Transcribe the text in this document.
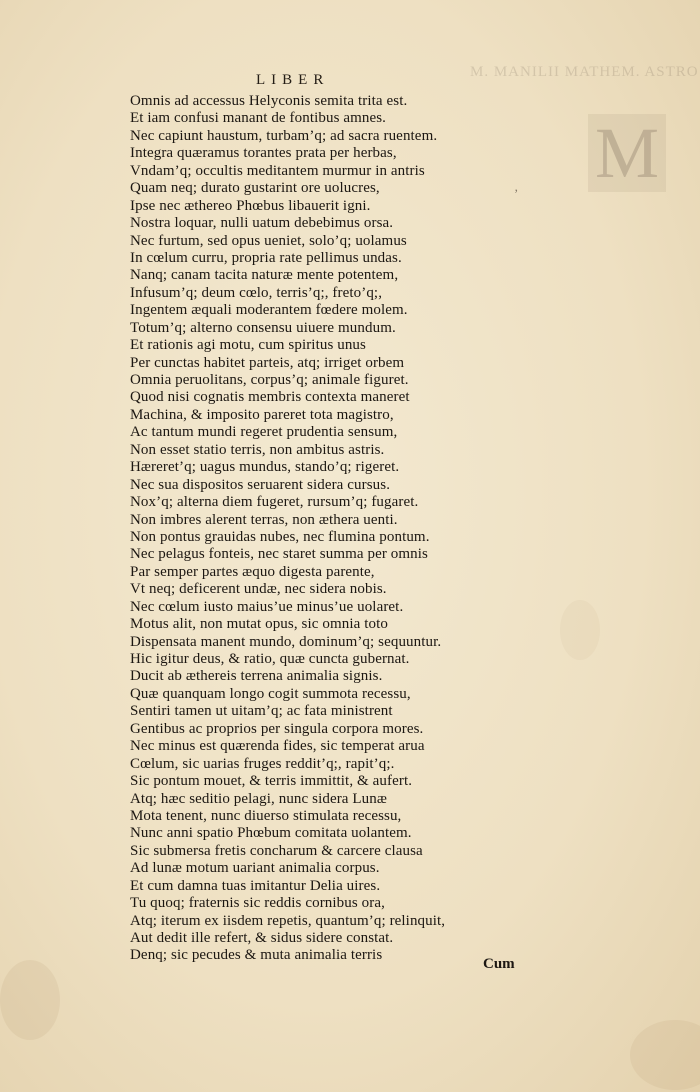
M. MANILII MATHEM. ASTRO
M
LIBER
Omnis ad accessus Helyconis semita trita est.
Et iam confusi manant de fontibus amnes.
Nec capiunt haustum, turbam’q; ad sacra ruentem.
Integra quæramus torantes prata per herbas,
Vndam’q; occultis meditantem murmur in antris
Quam neq; durato gustarint ore uolucres,
Ipse nec æthereo Phœbus libauerit igni.
Nostra loquar, nulli uatum debebimus orsa.
Nec furtum, sed opus ueniet, solo’q; uolamus
In cœlum curru, propria rate pellimus undas.
Nanq; canam tacita naturæ mente potentem,
Infusum’q; deum cœlo, terris’q;, freto’q;,
Ingentem æquali moderantem fœdere molem.
Totum’q; alterno consensu uiuere mundum.
Et rationis agi motu, cum spiritus unus
Per cunctas habitet parteis, atq; irriget orbem
Omnia peruolitans, corpus’q; animale figuret.
Quod nisi cognatis membris contexta maneret
Machina, & imposito pareret tota magistro,
Ac tantum mundi regeret prudentia sensum,
Non esset statio terris, non ambitus astris.
Hæreret’q; uagus mundus, stando’q; rigeret.
Nec sua dispositos seruarent sidera cursus.
Nox’q; alterna diem fugeret, rursum’q; fugaret.
Non imbres alerent terras, non æthera uenti.
Non pontus grauidas nubes, nec flumina pontum.
Nec pelagus fonteis, nec staret summa per omnis
Par semper partes æquo digesta parente,
Vt neq; deficerent undæ, nec sidera nobis.
Nec cœlum iusto maius’ue minus’ue uolaret.
Motus alit, non mutat opus, sic omnia toto
Dispensata manent mundo, dominum’q; sequuntur.
Hic igitur deus, & ratio, quæ cuncta gubernat.
Ducit ab æthereis terrena animalia signis.
Quæ quanquam longo cogit summota recessu,
Sentiri tamen ut uitam’q; ac fata ministrent
Gentibus ac proprios per singula corpora mores.
Nec minus est quærenda fides, sic temperat arua
Cœlum, sic uarias fruges reddit’q;, rapit’q;.
Sic pontum mouet, & terris immittit, & aufert.
Atq; hæc seditio pelagi, nunc sidera Lunæ
Mota tenent, nunc diuerso stimulata recessu,
Nunc anni spatio Phœbum comitata uolantem.
Sic submersa fretis concharum & carcere clausa
Ad lunæ motum uariant animalia corpus.
Et cum damna tuas imitantur Delia uires.
Tu quoq; fraternis sic reddis cornibus ora,
Atq; iterum ex iisdem repetis, quantum’q; relinquit,
Aut dedit ille refert, & sidus sidere constat.
Denq; sic pecudes & muta animalia terris
ʼ
Cum
